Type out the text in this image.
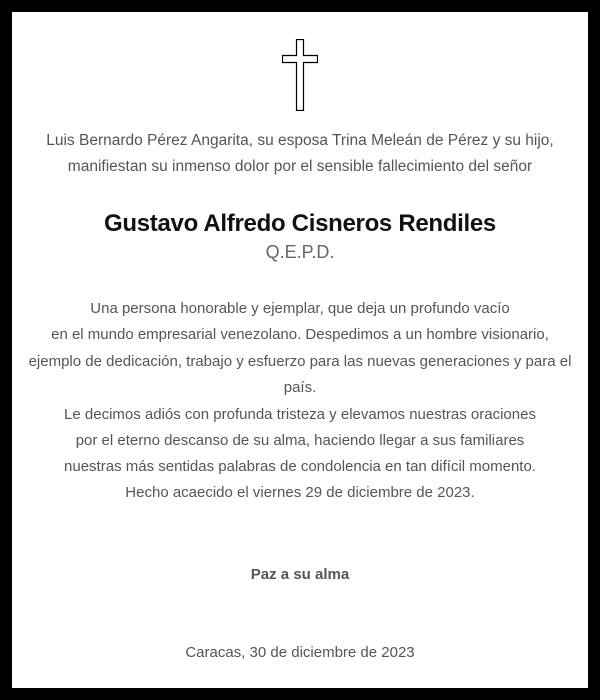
Luis Bernardo Pérez Angarita, su esposa Trina Meleán de Pérez y su hijo,
manifiestan su inmenso dolor por el sensible fallecimiento del señor
Gustavo Alfredo Cisneros Rendiles
Q.E.P.D.
Una persona honorable y ejemplar, que deja un profundo vacío
en el mundo empresarial venezolano. Despedimos a un hombre visionario,
ejemplo de dedicación, trabajo y esfuerzo para las nuevas generaciones y para el país.
Le decimos adiós con profunda tristeza y elevamos nuestras oraciones
por el eterno descanso de su alma, haciendo llegar a sus familiares
nuestras más sentidas palabras de condolencia en tan difícil momento.
Hecho acaecido el viernes 29 de diciembre de 2023.
Paz a su alma
Caracas, 30 de diciembre de 2023
